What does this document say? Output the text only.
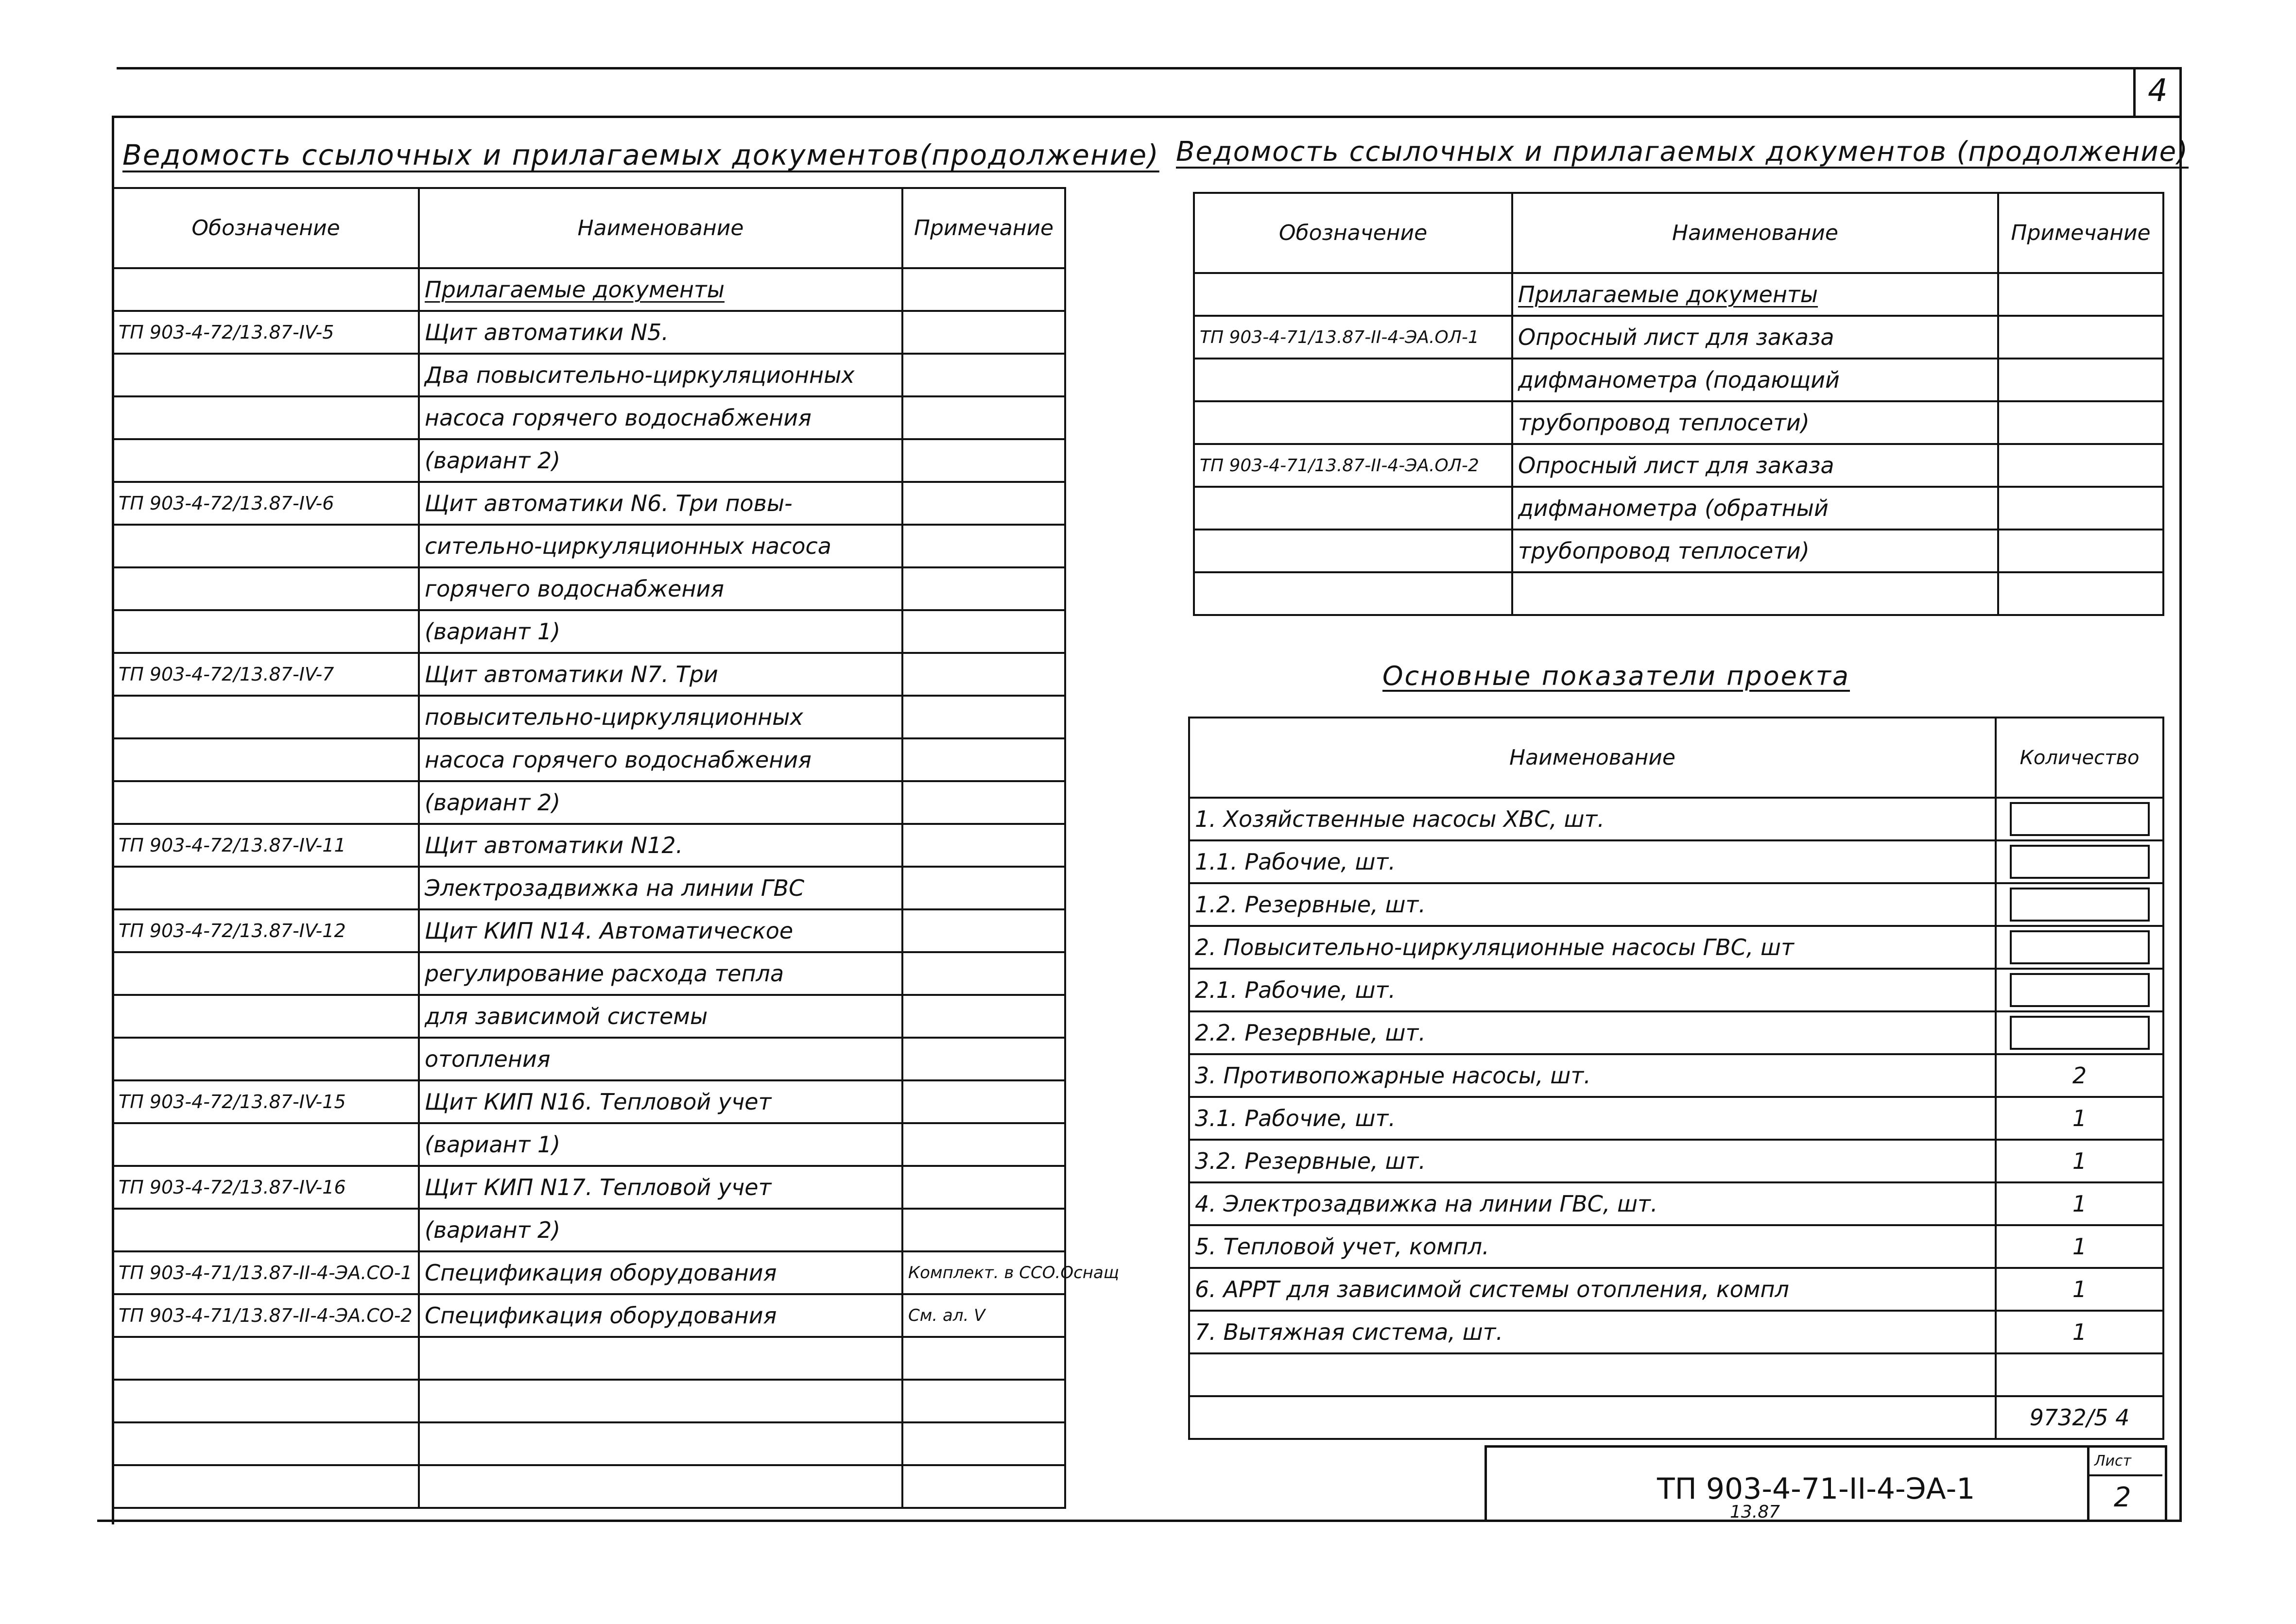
4
Ведомость ссылочных и прилагаемых документов(продолжение)
Обозначение	Наименование	Примечание
	Прилагаемые документы	
ТП 903-4-72/13.87-IV-5	Щит автоматики N5.	
	Два повысительно-циркуляционных	
	насоса горячего водоснабжения	
	(вариант 2)	
ТП 903-4-72/13.87-IV-6	Щит автоматики N6. Три повы-	
	сительно-циркуляционных насоса	
	горячего водоснабжения	
	(вариант 1)	
ТП 903-4-72/13.87-IV-7	Щит автоматики N7. Три	
	повысительно-циркуляционных	
	насоса горячего водоснабжения	
	(вариант 2)	
ТП 903-4-72/13.87-IV-11	Щит автоматики N12.	
	Электрозадвижка на линии ГВС	
ТП 903-4-72/13.87-IV-12	Щит КИП N14. Автоматическое	
	регулирование расхода тепла	
	для зависимой системы	
	отопления	
ТП 903-4-72/13.87-IV-15	Щит КИП N16. Тепловой учет	
	(вариант 1)	
ТП 903-4-72/13.87-IV-16	Щит КИП N17. Тепловой учет	
	(вариант 2)	
ТП 903-4-71/13.87-II-4-ЭА.СО-1	Спецификация оборудования	Комплект. в ССО.Оснащ
ТП 903-4-71/13.87-II-4-ЭА.СО-2	Спецификация оборудования	См. ал. V

Ведомость ссылочных и прилагаемых документов (продолжение)
Обозначение	Наименование	Примечание
	Прилагаемые документы	
ТП 903-4-71/13.87-II-4-ЭА.ОЛ-1	Опросный лист для заказа	
	дифманометра (подающий	
	трубопровод теплосети)	
ТП 903-4-71/13.87-II-4-ЭА.ОЛ-2	Опросный лист для заказа	
	дифманометра (обратный	
	трубопровод теплосети)	

Основные показатели проекта
Наименование	Количество
1. Хозяйственные насосы ХВС, шт.	
1.1. Рабочие, шт.	
1.2. Резервные, шт.	
2. Повысительно-циркуляционные насосы ГВС, шт	
2.1. Рабочие, шт.	
2.2. Резервные, шт.	
3. Противопожарные насосы, шт.	2
3.1. Рабочие, шт.	1
3.2. Резервные, шт.	1
4. Электрозадвижка на линии ГВС, шт.	1
5. Тепловой учет, компл.	1
6. АРРТ для зависимой системы отопления, компл	1
7. Вытяжная система, шт.	1

	9732/5 4
ТП 903-4-71-II-4-ЭА-1
13.87
Лист
2
